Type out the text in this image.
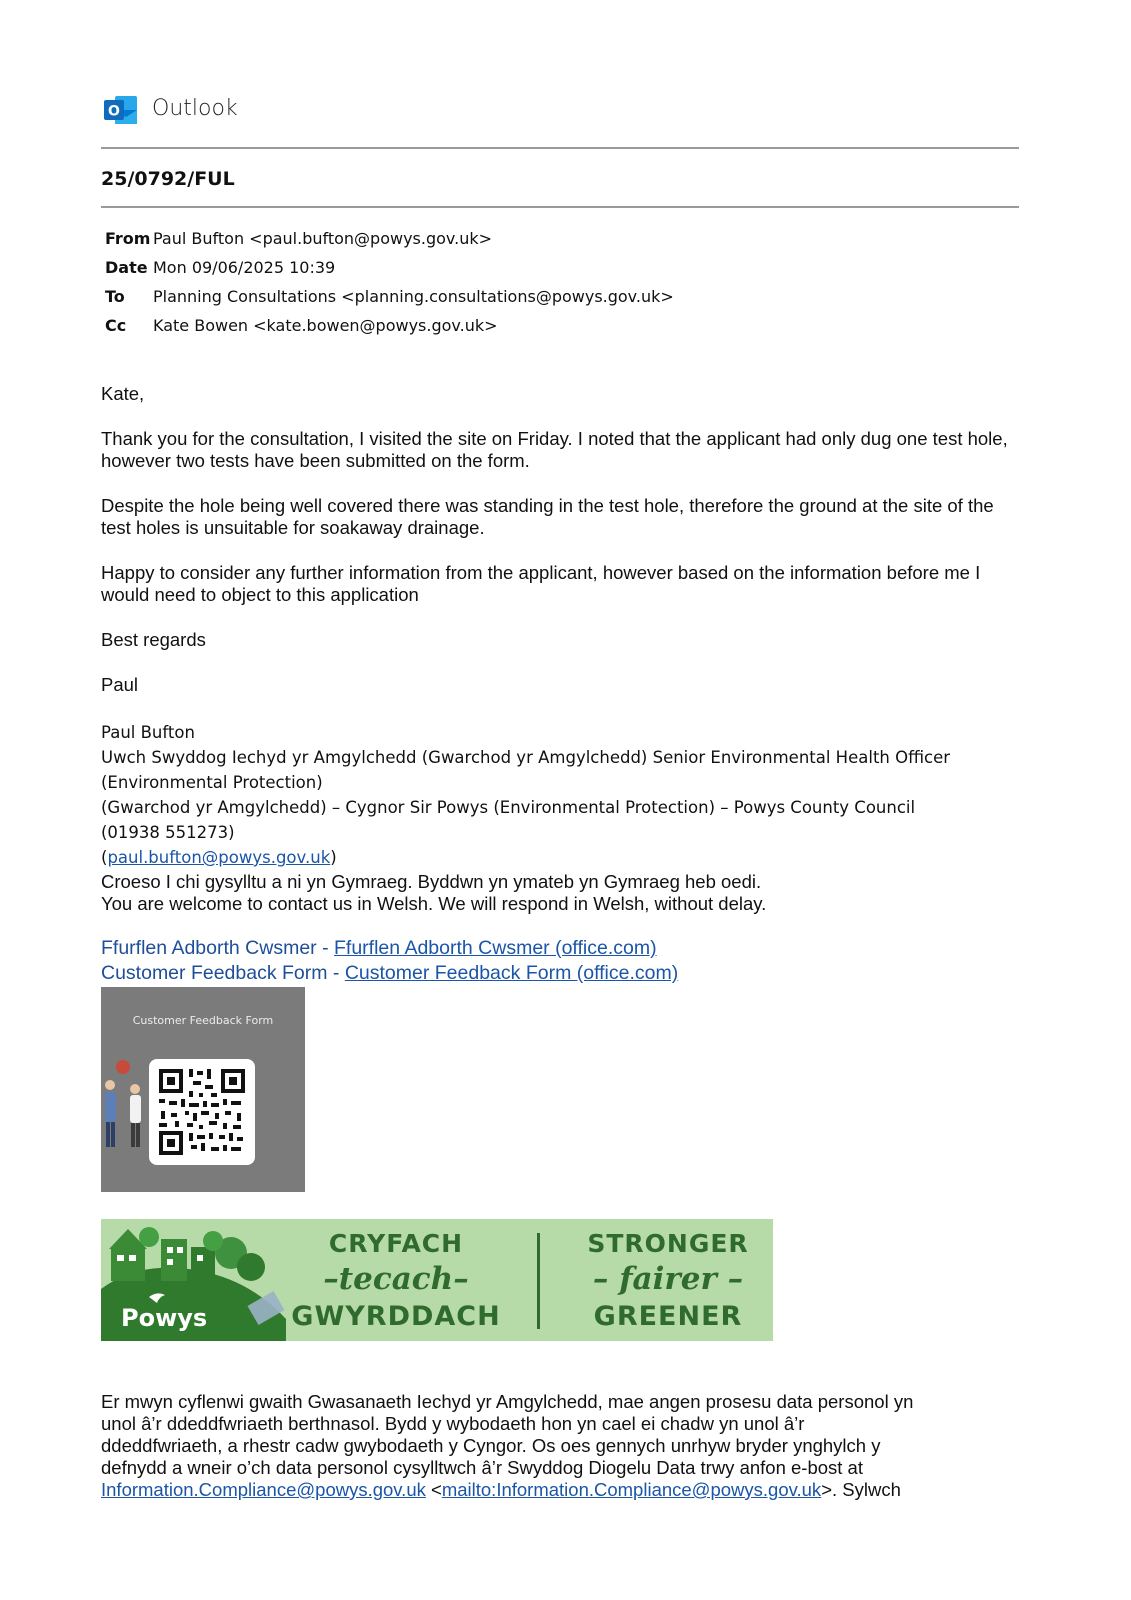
O Outlook
25/0792/FUL
From Paul Bufton <paul.bufton@powys.gov.uk>
Date Mon 09/06/2025 10:39
To Planning Consultations <planning.consultations@powys.gov.uk>
Cc Kate Bowen <kate.bowen@powys.gov.uk>
Kate,
Thank you for the consultation, I visited the site on Friday. I noted that the applicant had only dug one test hole, however two tests have been submitted on the form.
Despite the hole being well covered there was standing in the test hole, therefore the ground at the site of the test holes is unsuitable for soakaway drainage.
Happy to consider any further information from the applicant, however based on the information before me I would need to object to this application
Best regards
Paul
Paul Bufton
Uwch Swyddog Iechyd yr Amgylchedd (Gwarchod yr Amgylchedd) Senior Environmental Health Officer
(Environmental Protection)
(Gwarchod yr Amgylchedd) – Cygnor Sir Powys (Environmental Protection) – Powys County Council
(01938 551273)
(paul.bufton@powys.gov.uk)
Croeso I chi gysylltu a ni yn Gymraeg. Byddwn yn ymateb yn Gymraeg heb oedi.
You are welcome to contact us in Welsh. We will respond in Welsh, without delay.
Ffurflen Adborth Cwsmer - Ffurflen Adborth Cwsmer (office.com)
Customer Feedback Form - Customer Feedback Form (office.com)
Customer Feedback Form
Powys
CRYFACH
–tecach–
GWYRDDACH
STRONGER
– fairer –
GREENER
Er mwyn cyflenwi gwaith Gwasanaeth Iechyd yr Amgylchedd, mae angen prosesu data personol yn
unol â’r ddeddfwriaeth berthnasol. Bydd y wybodaeth hon yn cael ei chadw yn unol â’r
ddeddfwriaeth, a rhestr cadw gwybodaeth y Cyngor. Os oes gennych unrhyw bryder ynghylch y
defnydd a wneir o’ch data personol cysylltwch â’r Swyddog Diogelu Data trwy anfon e-bost at
Information.Compliance@powys.gov.uk <mailto:Information.Compliance@powys.gov.uk>. Sylwch
